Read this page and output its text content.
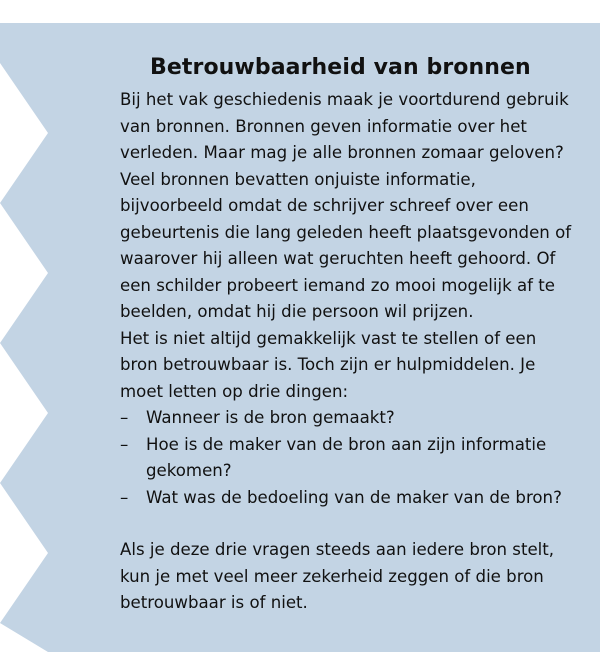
Betrouwbaarheid van bronnen

Bij het vak geschiedenis maak je voortdurend gebruik
van bronnen. Bronnen geven informatie over het
verleden. Maar mag je alle bronnen zomaar geloven?
Veel bronnen bevatten onjuiste informatie,
bijvoorbeeld omdat de schrijver schreef over een
gebeurtenis die lang geleden heeft plaatsgevonden of
waarover hij alleen wat geruchten heeft gehoord. Of
een schilder probeert iemand zo mooi mogelijk af te
beelden, omdat hij die persoon wil prijzen.

Het is niet altijd gemakkelijk vast te stellen of een
bron betrouwbaar is. Toch zijn er hulpmiddelen. Je
moet letten op drie dingen:

– Wanneer is de bron gemaakt?
– Hoe is de maker van de bron aan zijn informatie
gekomen?
– Wat was de bedoeling van de maker van de bron?

Als je deze drie vragen steeds aan iedere bron stelt,
kun je met veel meer zekerheid zeggen of die bron
betrouwbaar is of niet.
